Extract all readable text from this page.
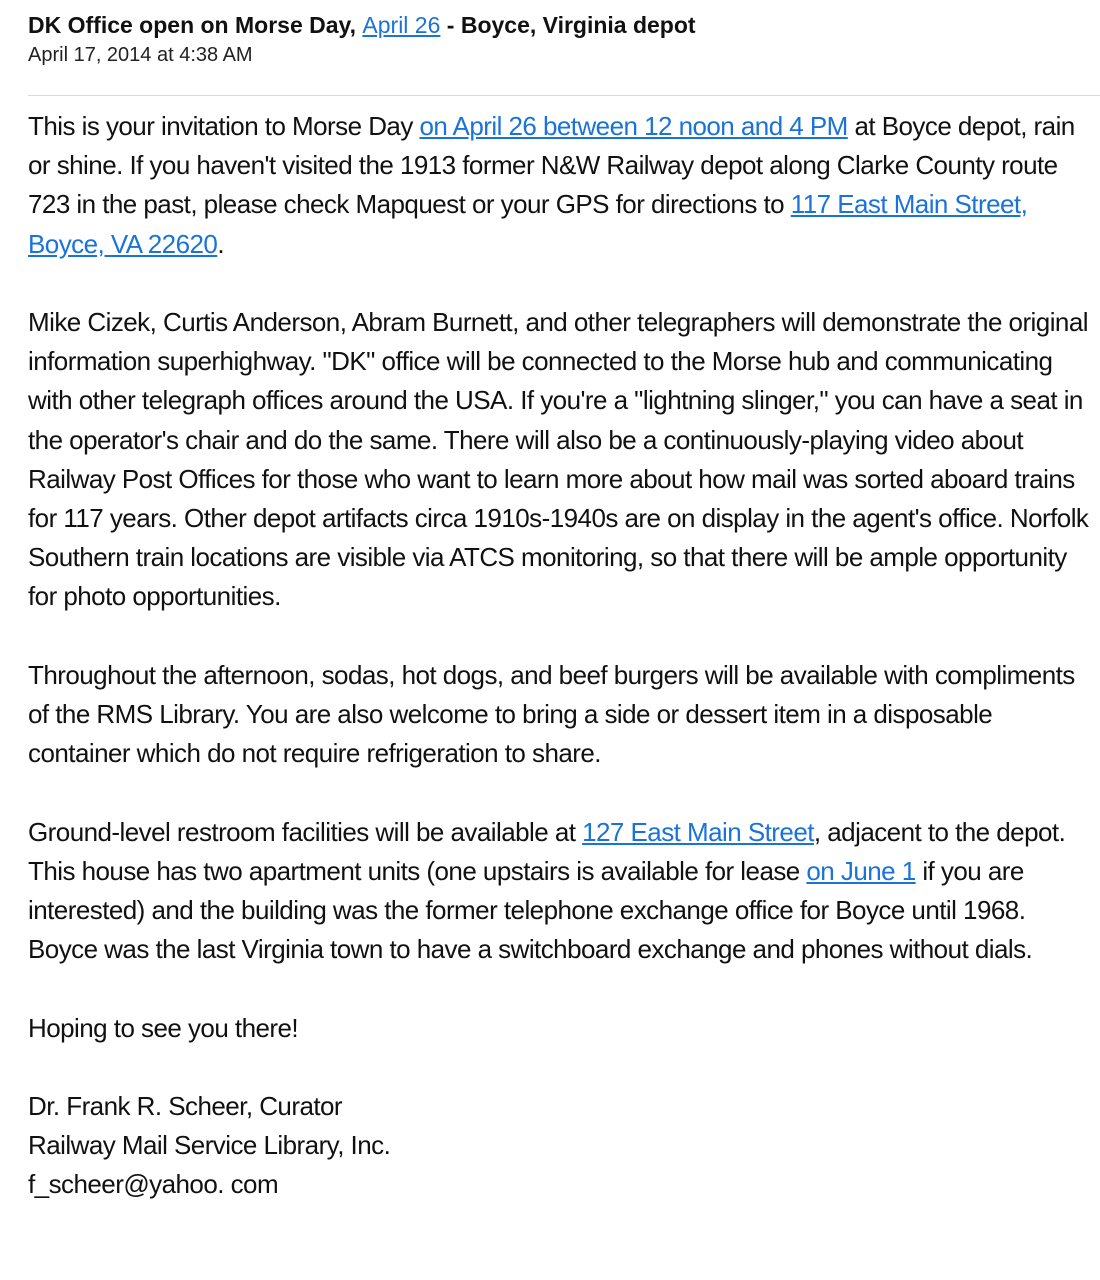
DK Office open on Morse Day, April 26 - Boyce, Virginia depot
April 17, 2014 at 4:38 AM

This is your invitation to Morse Day on April 26 between 12 noon and 4 PM at Boyce depot, rain or shine. If you haven't visited the 1913 former N&W Railway depot along Clarke County route 723 in the past, please check Mapquest or your GPS for directions to 117 East Main Street, Boyce, VA 22620.

Mike Cizek, Curtis Anderson, Abram Burnett, and other telegraphers will demonstrate the original information superhighway. "DK" office will be connected to the Morse hub and communicating with other telegraph offices around the USA. If you're a "lightning slinger," you can have a seat in the operator's chair and do the same. There will also be a continuously-playing video about Railway Post Offices for those who want to learn more about how mail was sorted aboard trains for 117 years. Other depot artifacts circa 1910s-1940s are on display in the agent's office. Norfolk Southern train locations are visible via ATCS monitoring, so that there will be ample opportunity for photo opportunities.

Throughout the afternoon, sodas, hot dogs, and beef burgers will be available with compliments of the RMS Library. You are also welcome to bring a side or dessert item in a disposable container which do not require refrigeration to share.

Ground-level restroom facilities will be available at 127 East Main Street, adjacent to the depot. This house has two apartment units (one upstairs is available for lease on June 1 if you are interested) and the building was the former telephone exchange office for Boyce until 1968. Boyce was the last Virginia town to have a switchboard exchange and phones without dials.

Hoping to see you there!

Dr. Frank R. Scheer, Curator

Railway Mail Service Library, Inc.

f_scheer@yahoo. com
